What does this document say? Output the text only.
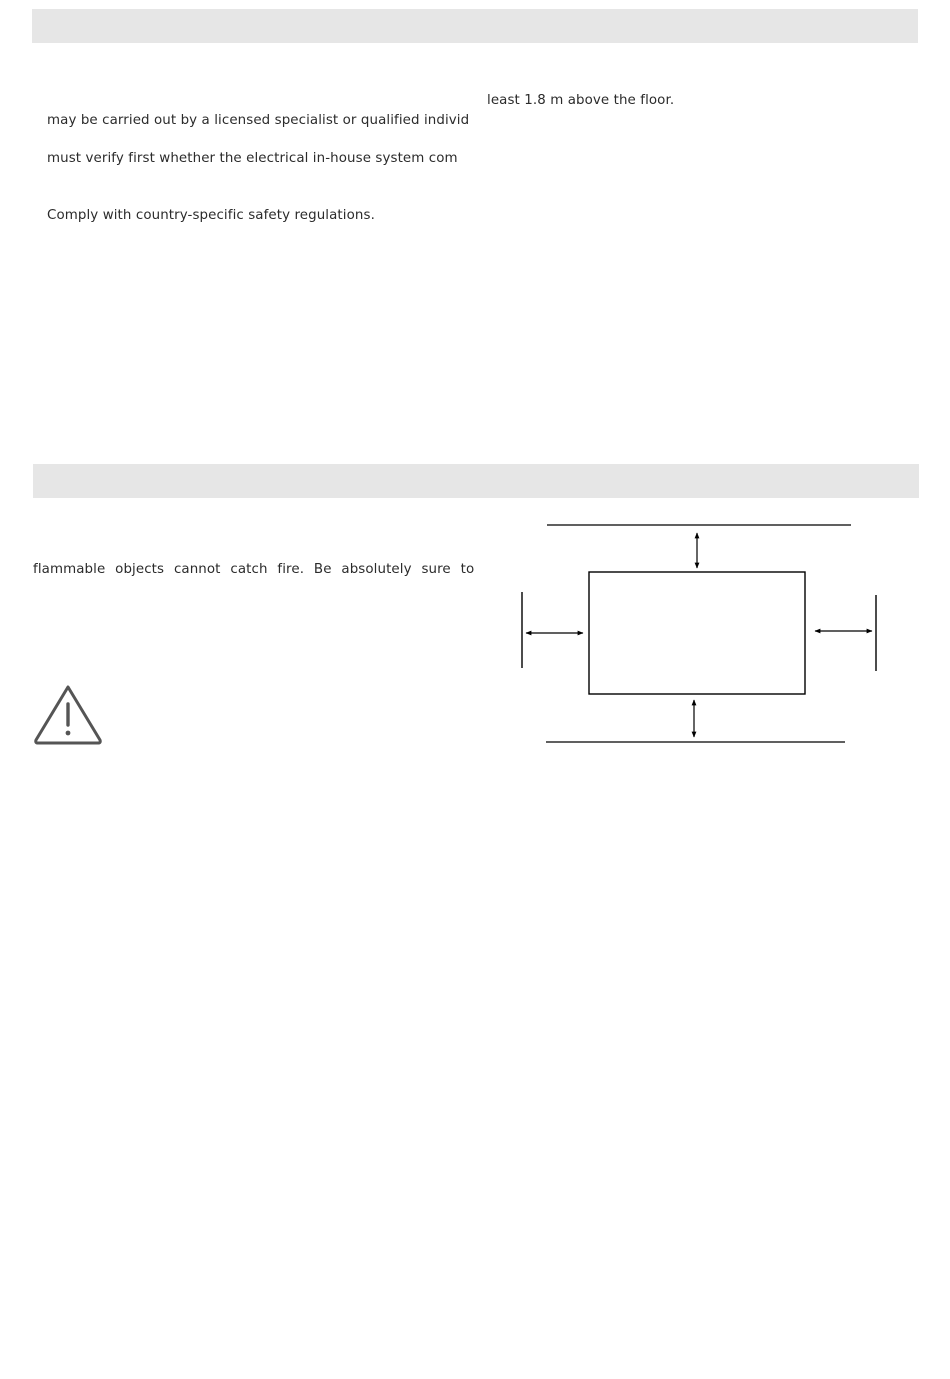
least 1.8 m above the floor.
may be carried out by a licensed specialist or qualified individ
must verify first whether the electrical in-house system com
Comply with country-specific safety regulations.
flammable objects cannot catch fire. Be absolutely sure to
